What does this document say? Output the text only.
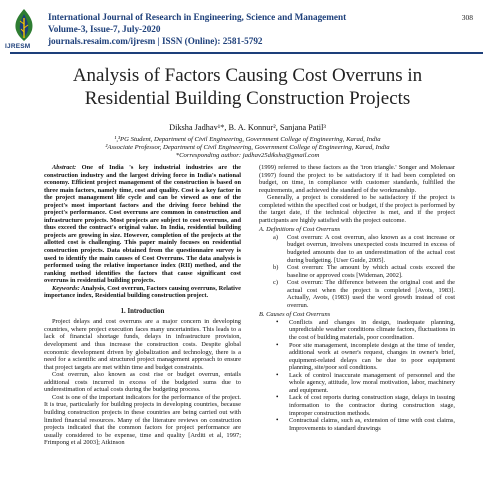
IJRESM
International Journal of Research in Engineering, Science and Management
Volume-3, Issue-7, July-2020
journals.resaim.com/ijresm | ISSN (Online): 2581-5792
308
Analysis of Factors Causing Cost Overruns in
Residential Building Construction Projects
Diksha Jadhav¹*, B. A. Konnur², Sanjana Patil³
¹,³PG Student, Department of Civil Engineering, Government College of Engineering, Karad, India
²Associate Professor, Department of Civil Engineering, Government College of Engineering, Karad, India
*Corresponding author: jadhav25diksha@gmail.com

Abstract: One of India 's key industrial industries are the construction industry and the largest driving force in India's national economy. Efficient project management of the construction is based on three main factors, namely time, cost and quality. Cost is a key factor in the project management life cycle and can be viewed as one of the project's most important factors and the driving force behind the project's performance. Cost overruns are common in construction and infrastructure projects. Most projects are subject to cost overruns, and thus exceed the contract's original value. In India, residential building projects are growing in size. However, completion of the projects at the allotted cost is challenging. This paper mainly focuses on residential construction projects. Data obtained from the questionnaire survey is used to identify the main causes of Cost Overruns. The data analysis is performed using the relative importance index (RII) method, and the ranking method identifies the factors that cause significant cost overruns in residential building projects.

Keywords: Analysis, Cost overrun, Factors causing overruns, Relative importance index, Residential building construction project.

1. Introduction

Project delays and cost overruns are a major concern in developing countries, where project execution faces many uncertainties. This leads to a lack of financial shortage funds, delays in infrastructure provision, development and thus increase the construction costs. Despite global economic development driven by globalization and technology, there is a need for a scientific and structured project management approach to ensure that project targets are met within time and budget constraints.

Cost overrun, also known as cost rise or budget overrun, entails additional costs incurred in excess of the budgeted sums due to underestimation of actual costs during the budgeting process.

Cost is one of the important indicators for the performance of the project. It is true, particularly for building projects in developing countries, because building construction projects in these countries are being carried out with limited financial resources. Many of the literature reviews on construction projects indicated that the common factors for project performance are usually considered to be expense, time and quality [Arditi et al, 1997; Frimpong et al 2003]; Atkinson

(1999) referred to these factors as the 'iron triangle.' Songer and Molenaar (1997) found the project to be satisfactory if it had been completed on budget, on time, in compliance with customer standards, fulfilled the requirements, and achieved the standard of the workmanship.

Generally, a project is considered to be satisfactory if the project is completed within the specified cost or budget, if the project is performed by the target date, if the technical objective is met, and if the project participants are highly satisfied with the project outcome.

A. Definitions of Cost Overruns
a) Cost overrun: A cost overrun, also known as a cost increase or budget overrun, involves unexpected costs incurred in excess of budgeted amounts due to an underestimation of the actual cost during budgeting. [User Guide, 2005].
b) Cost overrun: The amount by which actual costs exceed the baseline or approved costs [Wideman, 2002].
c) Cost overrun: The difference between the original cost and the actual cost when the project is completed [Avots, 1983]. Actually, Avots, (1983) used the word growth instead of cost overrun.
B. Causes of Cost Overruns
• Conflicts and changes in design, inadequate planning, unpredictable weather conditions climate factors, fluctuations in the cost of building materials, poor coordination.
• Poor site management, incomplete design at the time of tender, additional work at owner's request, changes in owner's brief, equipment-related delays can be due to poor equipment planning, site/poor soil conditions.
• Lack of control inaccurate management of personnel and the whole agency, attitude, low moral motivation, labor, machinery and equipment.
• Lack of cost reports during construction stage, delays in issuing information to the contractor during construction stage, improper construction methods.
• Contractual claims, such as, extension of time with cost claims, Improvements to standard drawings
